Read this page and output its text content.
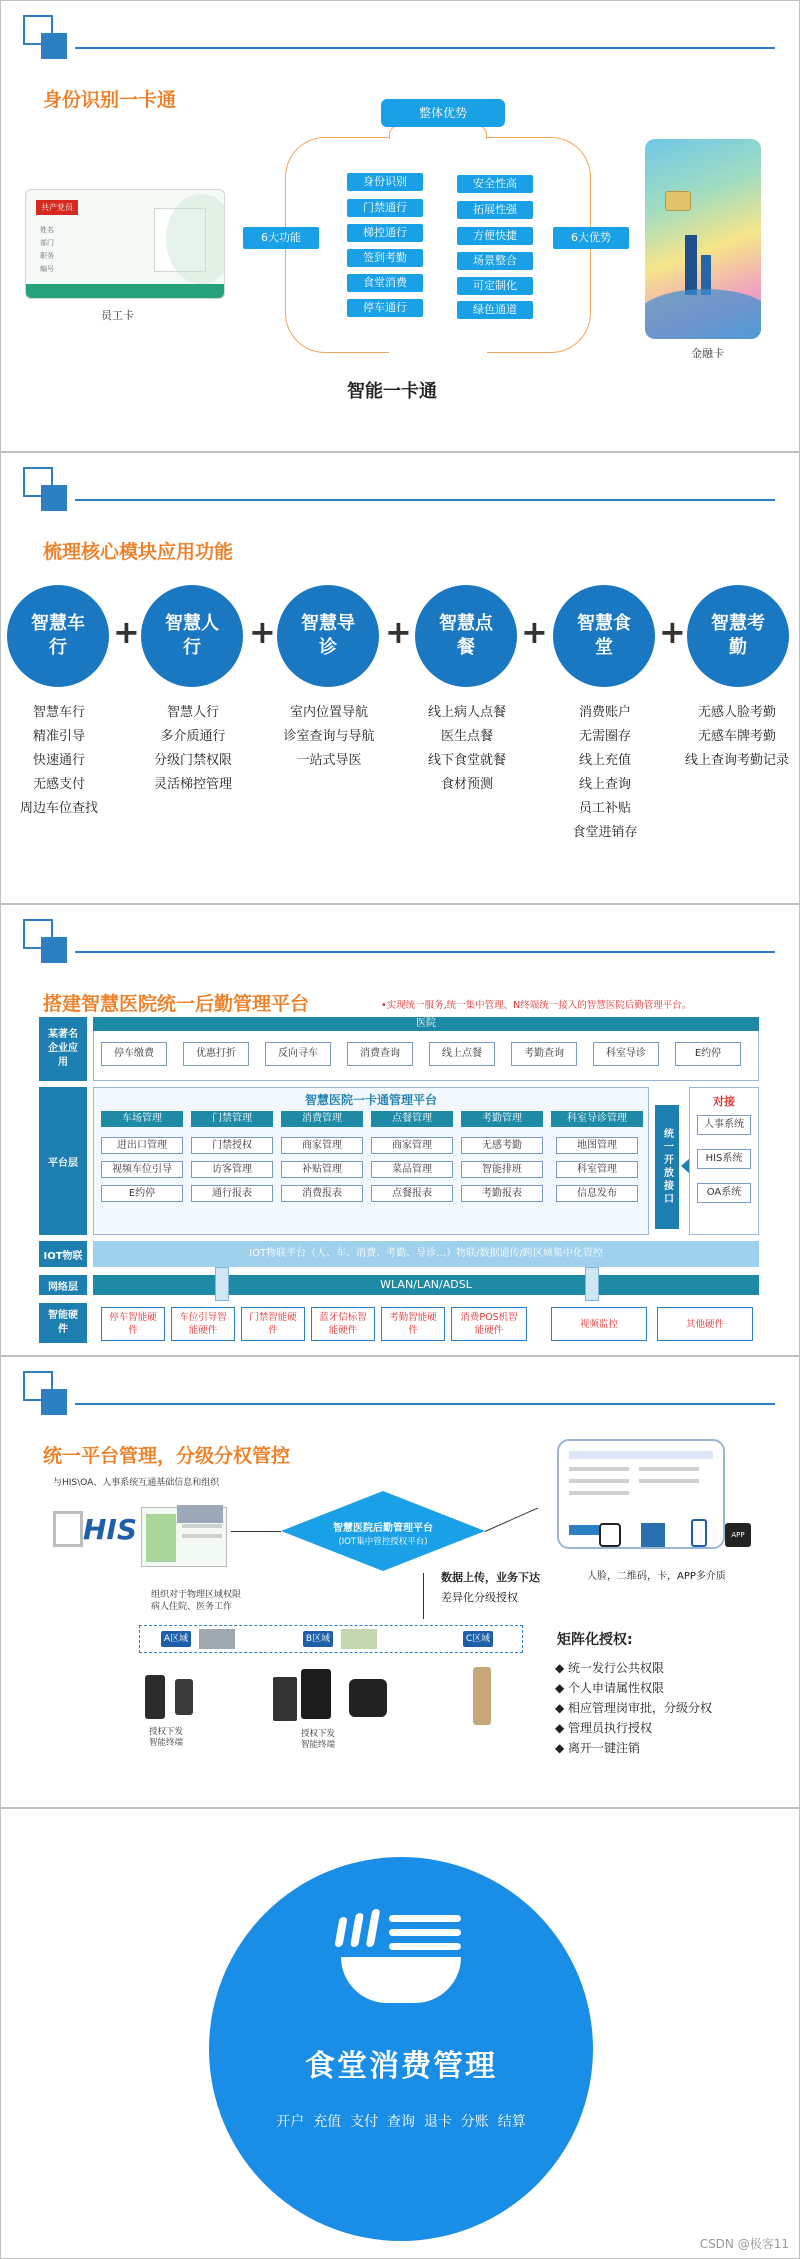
身份识别一卡通
共产党员
姓名
部门
职务
编号
员工卡
整体优势
6大功能	6大优势
身份识别
门禁通行
梯控通行
签到考勤
食堂消费
停车通行
安全性高
拓展性强
方便快捷
场景整合
可定制化
绿色通道
金融卡
智能一卡通
梳理核心模块应用功能
智慧车行	+	智慧人行	+	智慧导诊	+	智慧点餐	+	智慧食堂	+	智慧考勤
智慧车行
精准引导
快速通行
无感支付
周边车位查找
智慧人行
多介质通行
分级门禁权限
灵活梯控管理
室内位置导航
诊室查询与导航
一站式导医
线上病人点餐
医生点餐
线下食堂就餐
食材预测
消费账户
无需圈存
线上充值
线上查询
员工补贴
食堂进销存
无感人脸考勤
无感车牌考勤
线上查询考勤记录
搭建智慧医院统一后勤管理平台	•实现统一服务,统一集中管理、N终端统一接入的智慧医院后勤管理平台。
某著名企业应用
医院
停车缴费	优惠打折	反向寻车	消费查询	线上点餐	考勤查询	科室导诊	E约停
平台层
智慧医院一卡通管理平台
车场管理
进出口管理
视频车位引导
E约停
门禁管理
门禁授权
访客管理
通行报表
消费管理
商家管理
补贴管理
消费报表
点餐管理
商家管理
菜品管理
点餐报表
考勤管理
无感考勤
智能排班
考勤报表
科室导诊管理
地图管理
科室管理
信息发布	统一开放接口
对接
人事系统
HIS系统
OA系统
IOT物联	IOT物联平台（人、车、消费、考勤、导诊…）物联/数据通传/跨区域集中化管控
网络层	WLAN/LAN/ADSL
智能硬件
停车智能硬件
车位引导智能硬件
门禁智能硬件
蓝牙信标智能硬件
考勤智能硬件
消费POS机智能硬件
视频监控	其他硬件
统一平台管理，分级分权管控
与HIS\OA、人事系统互通基础信息和组织
HIS
组织对于物理区域权限
病人住院、医务工作
智慧医院后勤管理平台
(IOT集中管控授权平台)
数据上传，业务下达
差异化分级授权
A区域	B区域	C区域
授权下发
智能终端
授权下发
智能终端
APP
人脸，二维码，卡，APP多介质
矩阵化授权:
◆ 统一发行公共权限
◆ 个人申请属性权限
◆ 相应管理岗审批，分级分权
◆ 管理员执行授权
◆ 离开一键注销
食堂消费管理
开户  充值  支付  查询  退卡  分账  结算
CSDN @极客11
